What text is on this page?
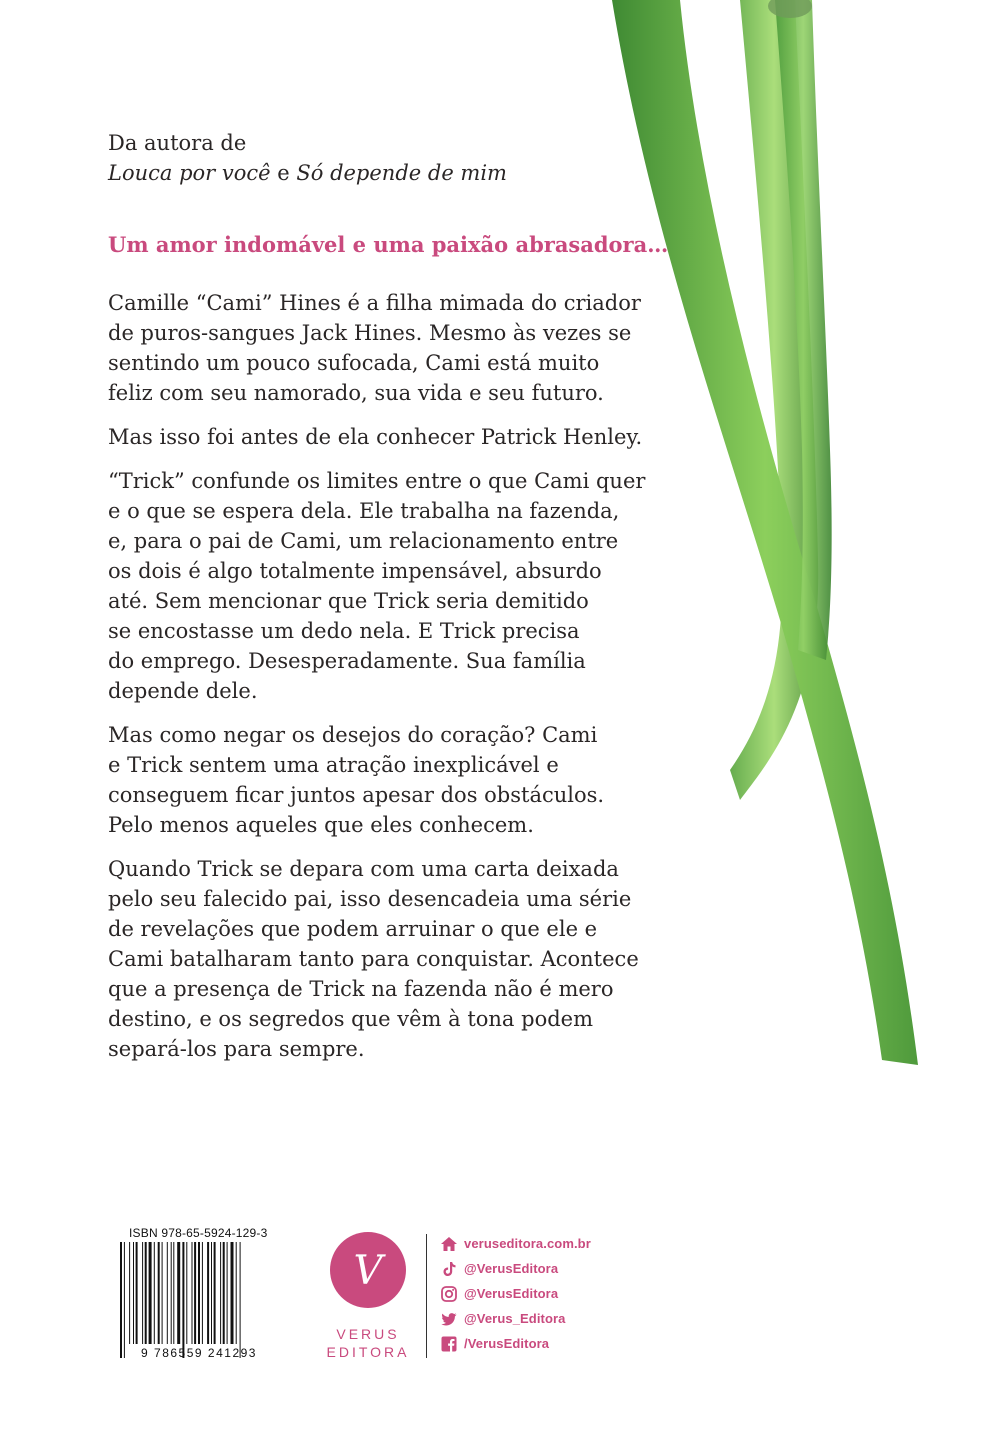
Da autora de

Louca por você e Só depende de mim

Um amor indomável e uma paixão abrasadora…

Camille “Cami” Hines é a filha mimada do criador
de puros-sangues Jack Hines. Mesmo às vezes se
sentindo um pouco sufocada, Cami está muito
feliz com seu namorado, sua vida e seu futuro.

Mas isso foi antes de ela conhecer Patrick Henley.

“Trick” confunde os limites entre o que Cami quer
e o que se espera dela. Ele trabalha na fazenda,
e, para o pai de Cami, um relacionamento entre
os dois é algo totalmente impensável, absurdo
até. Sem mencionar que Trick seria demitido
se encostasse um dedo nela. E Trick precisa
do emprego. Desesperadamente. Sua família
depende dele.

Mas como negar os desejos do coração? Cami
e Trick sentem uma atração inexplicável e
conseguem ficar juntos apesar dos obstáculos.
Pelo menos aqueles que eles conhecem.

Quando Trick se depara com uma carta deixada
pelo seu falecido pai, isso desencadeia uma série
de revelações que podem arruinar o que ele e
Cami batalharam tanto para conquistar. Acontece
que a presença de Trick na fazenda não é mero
destino, e os segredos que vêm à tona podem
separá-los para sempre.

ISBN 978-65-5924-129-3
9 786559 241293
V
VERUS
EDITORA
veruseditora.com.br
@VerusEditora
@VerusEditora
@Verus_Editora
/VerusEditora
